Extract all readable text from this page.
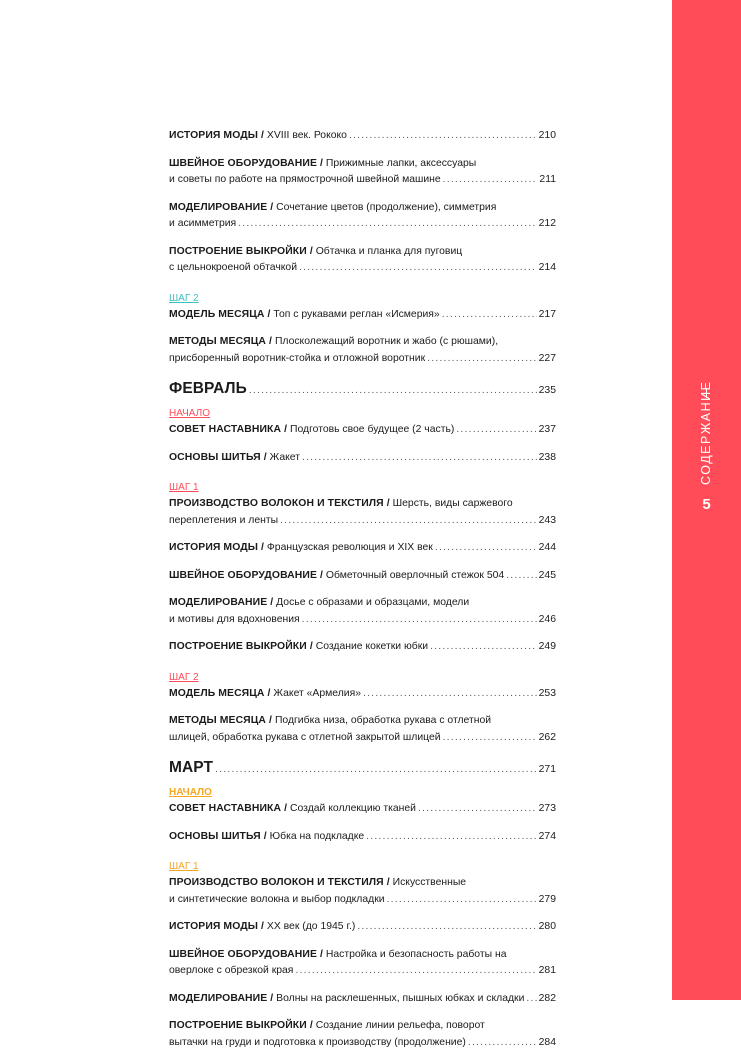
СОДЕРЖАНИЕ
5
ИСТОРИЯ МОДЫ / XVIII век. Рококо .....	210
ШВЕЙНОЕ ОБОРУДОВАНИЕ / Прижимные лапки, аксессуары
и советы по работе на прямострочной швейной машине .....	211
МОДЕЛИРОВАНИЕ / Сочетание цветов (продолжение), симметрия
и асимметрия .....	212
ПОСТРОЕНИЕ ВЫКРОЙКИ / Обтачка и планка для пуговиц
с цельнокроеной обтачкой .....	214
ШАГ 2
МОДЕЛЬ МЕСЯЦА / Топ с рукавами реглан «Исмерия» .....	217
МЕТОДЫ МЕСЯЦА / Плосколежащий воротник и жабо (с рюшами),
присборенный воротник-стойка и отложной воротник .....	227
ФЕВРАЛЬ .....	235
НАЧАЛО
СОВЕТ НАСТАВНИКА / Подготовь свое будущее (2 часть) .....	237
ОСНОВЫ ШИТЬЯ / Жакет .....	238
ШАГ 1
ПРОИЗВОДСТВО ВОЛОКОН И ТЕКСТИЛЯ / Шерсть, виды саржевого
переплетения и ленты .....	243
ИСТОРИЯ МОДЫ / Французская революция и XIX век .....	244
ШВЕЙНОЕ ОБОРУДОВАНИЕ / Обметочный оверлочный стежок 504 .....	245
МОДЕЛИРОВАНИЕ / Досье с образами и образцами, модели
и мотивы для вдохновения .....	246
ПОСТРОЕНИЕ ВЫКРОЙКИ / Создание кокетки юбки .....	249
ШАГ 2
МОДЕЛЬ МЕСЯЦА / Жакет «Армелия» .....	253
МЕТОДЫ МЕСЯЦА / Подгибка низа, обработка рукава с отлетной
шлицей, обработка рукава с отлетной закрытой шлицей .....	262
МАРТ .....	271
НАЧАЛО
СОВЕТ НАСТАВНИКА / Создай коллекцию тканей .....	273
ОСНОВЫ ШИТЬЯ / Юбка на подкладке .....	274
ШАГ 1
ПРОИЗВОДСТВО ВОЛОКОН И ТЕКСТИЛЯ / Искусственные
и синтетические волокна и выбор подкладки .....	279
ИСТОРИЯ МОДЫ / XX век (до 1945 г.) .....	280
ШВЕЙНОЕ ОБОРУДОВАНИЕ / Настройка и безопасность работы на
оверлоке с обрезкой края .....	281
МОДЕЛИРОВАНИЕ / Волны на расклешенных, пышных юбках и складки ..... 282
ПОСТРОЕНИЕ ВЫКРОЙКИ / Создание линии рельефа, поворот
вытачки на груди и подготовка к производству (продолжение) .....	284
